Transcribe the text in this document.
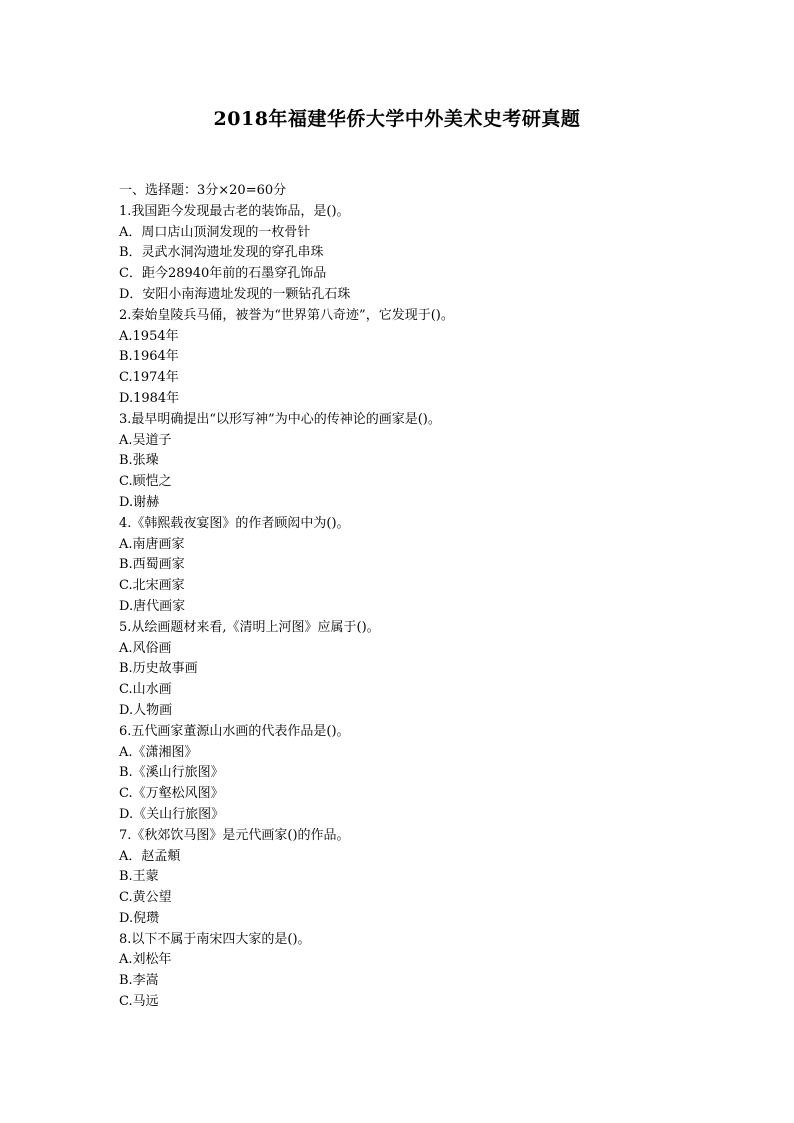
2018年福建华侨大学中外美术史考研真题
一、选择题：3分×20=60分
1.我国距今发现最古老的装饰品，是()。
A．周口店山顶洞发现的一枚骨针
B．灵武水洞沟遗址发现的穿孔串珠
C．距今28940年前的石墨穿孔饰品
D．安阳小南海遗址发现的一颗钻孔石珠
2.秦始皇陵兵马俑，被誉为“世界第八奇迹”，它发现于()。
A.1954年
B.1964年
C.1974年
D.1984年
3.最早明确提出“以形写神”为中心的传神论的画家是()。
A.吴道子
B.张璪
C.顾恺之
D.谢赫
4.《韩熙载夜宴图》的作者顾闳中为()。
A.南唐画家
B.西蜀画家
C.北宋画家
D.唐代画家
5.从绘画题材来看,《清明上河图》应属于()。
A.风俗画
B.历史故事画
C.山水画
D.人物画
6.五代画家董源山水画的代表作品是()。
A.《潇湘图》
B.《溪山行旅图》
C.《万壑松风图》
D.《关山行旅图》
7.《秋郊饮马图》是元代画家()的作品。
A．赵孟頫
B.王蒙
C.黄公望
D.倪瓒
8.以下不属于南宋四大家的是()。
A.刘松年
B.李嵩
C.马远
